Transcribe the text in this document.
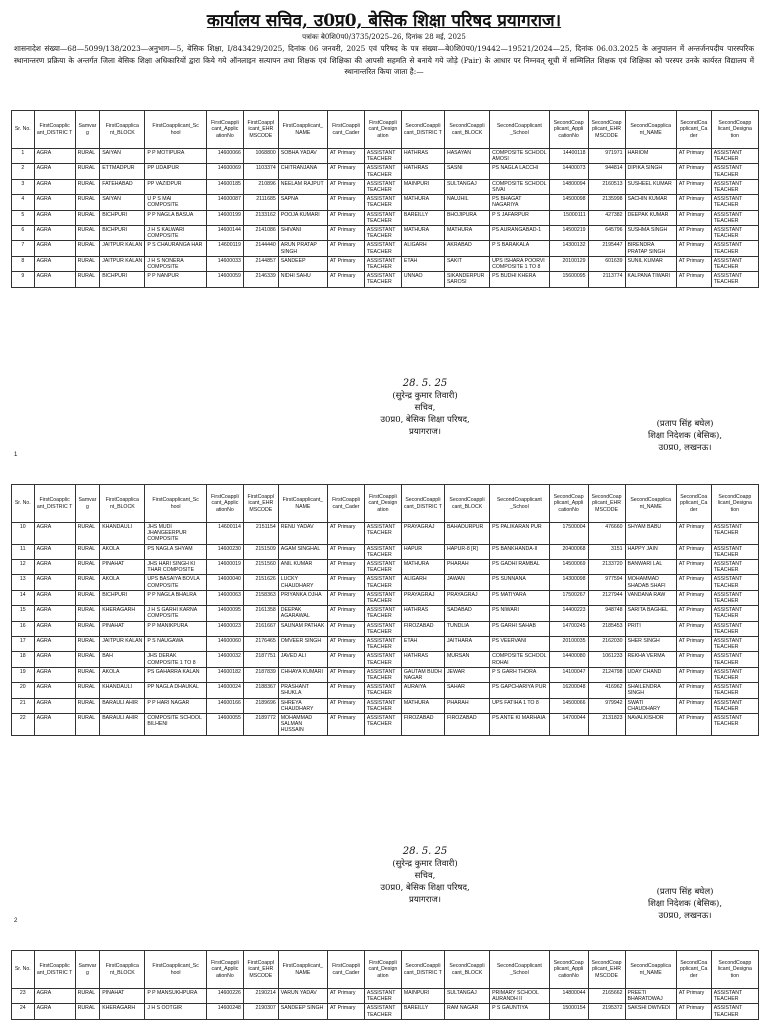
कार्यालय सचिव, उ0प्र0, बेसिक शिक्षा परिषद प्रयागराज।
पत्रांकः बे0शि0प0/3735/2025–26, दिनांक 28 मई, 2025
शासनादेश संख्या—68—5099/138/2023—अनुभाग—5, बेसिक शिक्षा, I/843429/2025, दिनांक 06 जनवरी, 2025 एवं परिषद के पत्र संख्या—बे0शि0प0/19442—19521/2024—25, दिनांक 06.03.2025 के अनुपालन में अन्तर्जनपदीय पारस्परिक स्थानान्तरण प्रक्रिया के अन्तर्गत जिला बेसिक शिक्षा अधिकारियों द्वारा किये गये ऑनलाइन सत्यापन तथा शिक्षक एवं शिक्षिका की आपसी सहमति से बनाये गये जोड़े (Pair) के आधार पर निम्नवत् सूची में सम्मिलित शिक्षक एवं शिक्षिका को परस्पर उनके कार्यरत विद्यालय में स्थानान्तरित किया जाता है:—
Sr. No.	FirstCoapplic ant_DISTRIC T	Samvar g	FirstCoapplica nt_BLOCK	FirstCoapplicant_Sc hool	FirstCoappli cant_Applic ationNo	FirstCoappl icant_EHR MSCODE	FirstCoapplicant_ NAME	FirstCoappli cant_Cader	FirstCoappli cant_Design ation	SecondCoappli cant_DISTRIC T	SecondCoappli cant_BLOCK	SecondCoapplicant _School	SecondCoap plicant_Appli cationNo	SecondCoap plicant_EHR MSCODE	SecondCoapplica nt_NAME	SecondCoa pplicant_Ca der	SecondCoapp licant_Designa tion
1	AGRA	RURAL	SAIYAN	P P MOTIPURA	14600066	1068800	SOBHA YADAV	AT Primary	ASSISTANT TEACHER	HATHRAS	HASAYAN	COMPOSITE SCHOOL AMOSI	14400118	971971	HARIOM	AT Primary	ASSISTANT TEACHER
2	AGRA	RURAL	ETTMADPUR	PP UDAIPUR	14600069	1103374	CHITRANJANA	AT Primary	ASSISTANT TEACHER	HATHRAS	SASNI	PS NAGLA LACCHI	14400073	944814	DIPIKA SINGH	AT Primary	ASSISTANT TEACHER
3	AGRA	RURAL	FATEHABAD	PP VAZIDPUR	14600185	210896	NEELAM RAJPUT	AT Primary	ASSISTANT TEACHER	MAINPURI	SULTANGAJ	COMPOSITE SCHOOL SIVAI	14800094	2160513	SUSHEEL KUMAR	AT Primary	ASSISTANT TEACHER
4	AGRA	RURAL	SAIYAN	U P S MAI COMPOSITE	14600087	2111685	SAPNA	AT Primary	ASSISTANT TEACHER	MATHURA	NAUJHIL	PS BHAGAT NAGARIYA	14500098	2135998	SACHIN KUMAR	AT Primary	ASSISTANT TEACHER
5	AGRA	RURAL	BICHPURI	P P NAGLA BASUA	14600199	2133162	POOJA KUMARI	AT Primary	ASSISTANT TEACHER	BAREILLY	BHOJIPURA	P S JAFARPUR	15000111	427382	DEEPAK KUMAR	AT Primary	ASSISTANT TEACHER
6	AGRA	RURAL	BICHPURI	J H S KALWARI COMPOSITE	14600144	2141086	SHIVANI	AT Primary	ASSISTANT TEACHER	MATHURA	MATHURA	PS AURANGABAD-1	14500219	645796	SUSHMA SINGH	AT Primary	ASSISTANT TEACHER
7	AGRA	RURAL	JAITPUR KALAN	P S CHAURANGA HAR	14600119	2144440	ARUN PRATAP SINGH	AT Primary	ASSISTANT TEACHER	ALIGARH	AKRABAD	P S BARAKALA	14300132	2195447	BIRENDRA PRATAP SINGH	AT Primary	ASSISTANT TEACHER
8	AGRA	RURAL	JAITPUR KALAN	J H S NONERA COMPOSITE	14600033	2144857	SANDEEP	AT Primary	ASSISTANT TEACHER	ETAH	SAKIT	UPS ISHARA POORVI COMPOSITE 1 TO 8	20100129	601639	SUNIL KUMAR	AT Primary	ASSISTANT TEACHER
9	AGRA	RURAL	BICHPURI	P P NANPUR	14600059	2146339	NIDHI SAHU	AT Primary	ASSISTANT TEACHER	UNNAO	SIKANDERPUR SAROSI	PS BUDHI KHERA	15600095	2113774	KALPANA TIWARI	AT Primary	ASSISTANT TEACHER
28. 5. 25
(सुरेन्द्र कुमार तिवारी)
सचिव,
उ0प्र0, बेसिक शिक्षा परिषद,
प्रयागराज।
(प्रताप सिंह बघेल)
शिक्षा निदेशक (बेसिक),
उ0प्र0, लखनऊ।
1
Sr. No.	FirstCoapplic ant_DISTRIC T	Samvar g	FirstCoapplica nt_BLOCK	FirstCoapplicant_Sc hool	FirstCoappli cant_Applic ationNo	FirstCoappl icant_EHR MSCODE	FirstCoapplicant_ NAME	FirstCoappli cant_Cader	FirstCoappli cant_Design ation	SecondCoappli cant_DISTRIC T	SecondCoappli cant_BLOCK	SecondCoapplicant _School	SecondCoap plicant_Appli cationNo	SecondCoap plicant_EHR MSCODE	SecondCoapplica nt_NAME	SecondCoa pplicant_Ca der	SecondCoapp licant_Designa tion
10	AGRA	RURAL	KHANDAULI	JHS MUDI JHANGEERPUR COMPOSITE	14600114	2151154	RENU YADAV	AT Primary	ASSISTANT TEACHER	PRAYAGRAJ	BAHADURPUR	PS PALIKARAN PUR	17500004	476660	SHYAM BABU	AT Primary	ASSISTANT TEACHER
11	AGRA	RURAL	AKOLA	PS NAGLA SHYAM	14600230	2151509	AGAM SINGHAL	AT Primary	ASSISTANT TEACHER	HAPUR	HAPUR-8 [R]	PS BANKHANDA-II	20400068	3151	HAPPY JAIN	AT Primary	ASSISTANT TEACHER
12	AGRA	RURAL	PINAHAT	JHS HARI SINGH KI THAR COMPOSITE	14600019	2151560	ANIL KUMAR	AT Primary	ASSISTANT TEACHER	MATHURA	PHARAH	PS GADHI RAMBAL	14500069	2133720	BANWARI LAL	AT Primary	ASSISTANT TEACHER
13	AGRA	RURAL	AKOLA	UPS BASAIYA BOVLA COMPOSITE	14600040	2151626	LUCKY CHAUDHARY	AT Primary	ASSISTANT TEACHER	ALIGARH	JAWAN	PS SUNNANA	14300098	977594	MOHAMMAD SHADAB SHAFI	AT Primary	ASSISTANT TEACHER
14	AGRA	RURAL	BICHPURI	P P NAGLA BHALRA	14600063	2158363	PRIYANKA OJHA	AT Primary	ASSISTANT TEACHER	PRAYAGRAJ	PRAYAGRAJ	PS MATIYARA	17500267	2127944	VANDANA RAW	AT Primary	ASSISTANT TEACHER
15	AGRA	RURAL	KHERAGARH	J H S GARHI KARNA COMPOSITE	14600095	2161358	DEEPAK AGARAWAL	AT Primary	ASSISTANT TEACHER	HATHRAS	SADABAD	PS NIWARI	14400223	948748	SARITA BAGHEL	AT Primary	ASSISTANT TEACHER
16	AGRA	RURAL	PINAHAT	P P MANIKPURA	14600023	2161667	SAUNAM PATHAK	AT Primary	ASSISTANT TEACHER	FIROZABAD	TUNDLIA	PS GARHI SAHAB	14700245	2185453	PRITI	AT Primary	ASSISTANT TEACHER
17	AGRA	RURAL	JAITPUR KALAN	P S NAUGAWA	14600060	2176465	OMVEER SINGH	AT Primary	ASSISTANT TEACHER	ETAH	JAITHARA	PS VEERVANI	20100035	2162030	SHER SINGH	AT Primary	ASSISTANT TEACHER
18	AGRA	RURAL	BAH	JHS DERAK COMPOSITE 1 TO 8	14600032	2187751	JAVED ALI	AT Primary	ASSISTANT TEACHER	HATHRAS	MURSAN	COMPOSITE SCHOOL ROHAI	14400080	1061233	REKHA VERMA	AT Primary	ASSISTANT TEACHER
19	AGRA	RURAL	AKOLA	PS GAHARRA KALAN	14600182	2187839	CHHAYA KUMARI	AT Primary	ASSISTANT TEACHER	GAUTAM BUDH NAGAR	JEWAR	P S GARH THORA	14100047	2124798	UDAY CHAND	AT Primary	ASSISTANT TEACHER
20	AGRA	RURAL	KHANDAULI	PP NAGLA DHAUKAL	14600024	2188367	PRASHANT SHUKLA	AT Primary	ASSISTANT TEACHER	AURAIYA	SAHAR	PS GAPCHARIYA PUR	16200048	416962	SHAILENDRA SINGH	AT Primary	ASSISTANT TEACHER
21	AGRA	RURAL	BARAULI AHIR	P P HARI NAGAR	14600166	2189696	SHREYA CHAUDHARY	AT Primary	ASSISTANT TEACHER	MATHURA	PHARAH	UPS FATIHA 1 TO 8	14500066	979942	SWATI CHAUDHARY	AT Primary	ASSISTANT TEACHER
22	AGRA	RURAL	BARAULI AHIR	COMPOSITE SCHOOL BILHENI	14600055	2189772	MOHAMMAD SALMAN HUSSAIN	AT Primary	ASSISTANT TEACHER	FIROZABAD	FIROZABAD	PS ANTE KI MARHAIA	14700044	2131823	NAVALKISHOR	AT Primary	ASSISTANT TEACHER
28. 5. 25
(सुरेन्द्र कुमार तिवारी)
सचिव,
उ0प्र0, बेसिक शिक्षा परिषद,
प्रयागराज।
(प्रताप सिंह बघेल)
शिक्षा निदेशक (बेसिक),
उ0प्र0, लखनऊ।
2
Sr. No.	FirstCoapplic ant_DISTRIC T	Samvar g	FirstCoapplica nt_BLOCK	FirstCoapplicant_Sc hool	FirstCoappli cant_Applic ationNo	FirstCoappl icant_EHR MSCODE	FirstCoapplicant_ NAME	FirstCoappli cant_Cader	FirstCoappli cant_Design ation	SecondCoappli cant_DISTRIC T	SecondCoappli cant_BLOCK	SecondCoapplicant _School	SecondCoap plicant_Appli cationNo	SecondCoap plicant_EHR MSCODE	SecondCoapplica nt_NAME	SecondCoa pplicant_Ca der	SecondCoapp licant_Designa tion
23	AGRA	RURAL	PINAHAT	P P MANSUKHPURA	14600226	2190214	VARUN YADAV	AT Primary	ASSISTANT TEACHER	MAINPURI	SULTANGAJ	PRIMARY SCHOOL AURANDH II	14800044	2165662	PREETI BHARATDWAJ	AT Primary	ASSISTANT TEACHER
24	AGRA	RURAL	KHERAGARH	J H S OOTGIR	14600248	2190307	SANDEEP SINGH	AT Primary	ASSISTANT TEACHER	BAREILLY	RAM NAGAR	P S GAUNTIYA	15000154	2195372	SAKSHI DWIVEDI	AT Primary	ASSISTANT TEACHER
